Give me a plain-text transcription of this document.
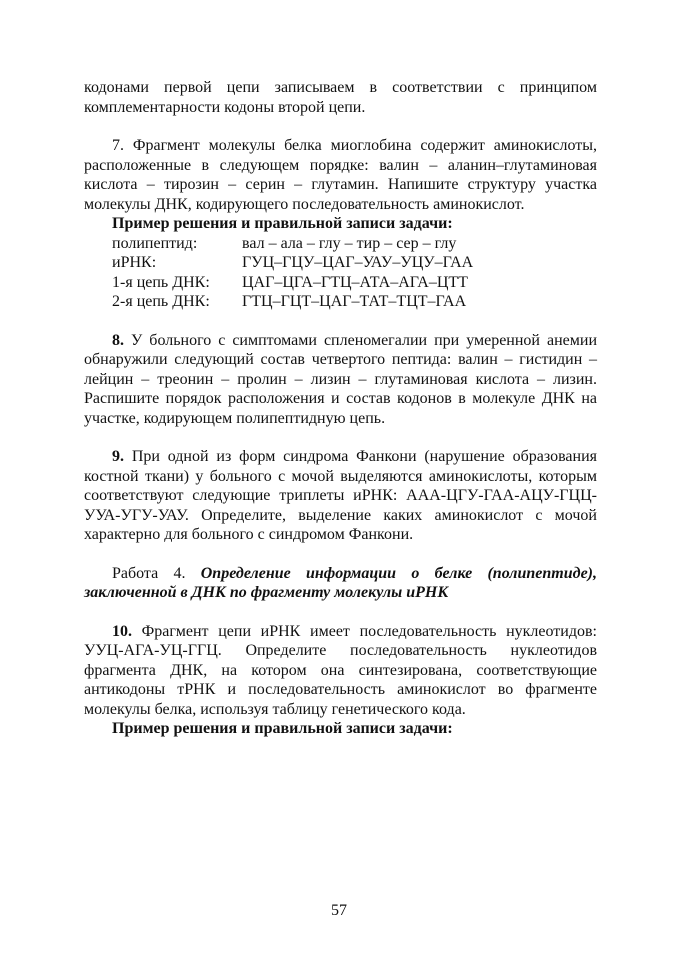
кодонами первой цепи записываем в соответствии с принципом комплементарности кодоны второй цепи.

7. Фрагмент молекулы белка миоглобина содержит аминокислоты, расположенные в следующем порядке: валин – аланин–глутаминовая кислота – тирозин – серин – глутамин. Напишите структуру участка молекулы ДНК, кодирующего последовательность аминокислот.

Пример решения и правильной записи задачи:

полипептид:	вал – ала – глу – тир – сер – глу
иРНК:	ГУЦ–ГЦУ–ЦАГ–УАУ–УЦУ–ГАА
1-я цепь ДНК:	ЦАГ–ЦГА–ГТЦ–АТА–АГА–ЦТТ
2-я цепь ДНК:	ГТЦ–ГЦТ–ЦАГ–ТАТ–ТЦТ–ГАА

8. У больного с симптомами спленомегалии при умеренной анемии обнаружили следующий состав четвертого пептида: валин – гистидин – лейцин – треонин – пролин – лизин – глутаминовая кислота – лизин. Распишите порядок расположения и состав кодонов в молекуле ДНК на участке, кодирующем полипептидную цепь.

9. При одной из форм синдрома Фанкони (нарушение образования костной ткани) у больного с мочой выделяются аминокислоты, которым соответствуют следующие триплеты иРНК: ААА-ЦГУ-ГАА-АЦУ-ГЦЦ-УУА-УГУ-УАУ. Определите, выделение каких аминокислот с мочой характерно для больного с синдромом Фанкони.

Работа 4. Определение информации о белке (полипептиде), заключенной в ДНК по фрагменту молекулы иРНК

10. Фрагмент цепи иРНК имеет последовательность нуклеотидов: УУЦ-АГА-УЦ-ГГЦ. Определите последовательность нуклеотидов фрагмента ДНК, на котором она синтезирована, соответствующие антикодоны тРНК и последовательность аминокислот во фрагменте молекулы белка, используя таблицу генетического кода.

Пример решения и правильной записи задачи:

57
